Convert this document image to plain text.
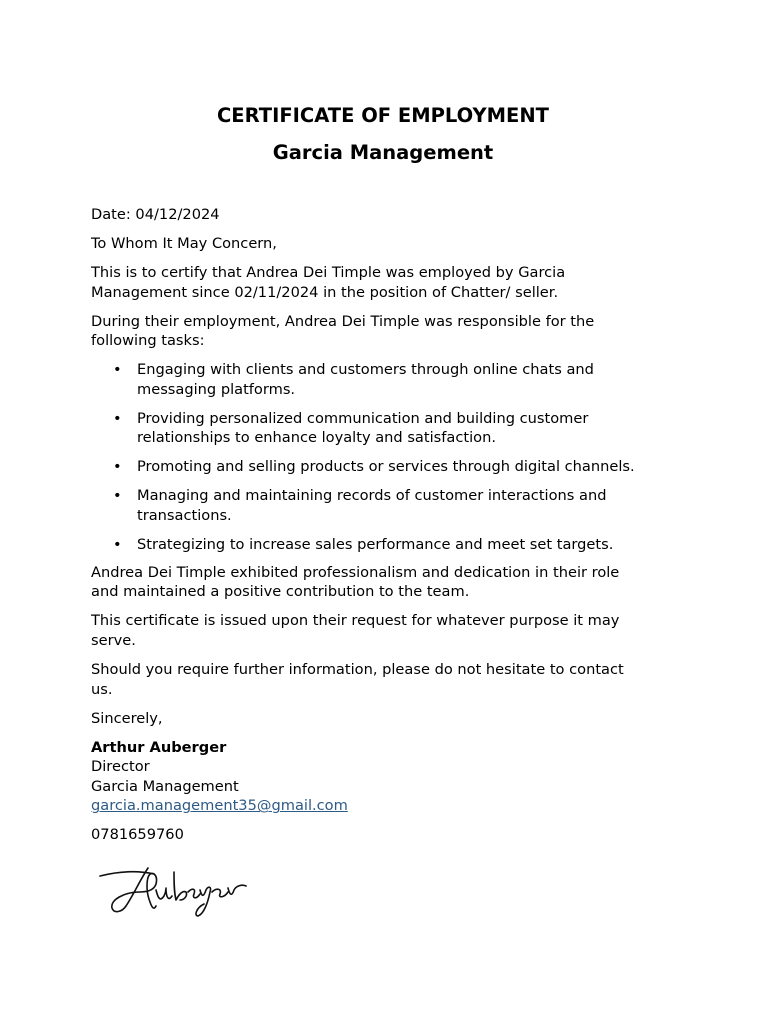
CERTIFICATE OF EMPLOYMENT
Garcia Management

Date: 04/12/2024

To Whom It May Concern,

This is to certify that Andrea Dei Timple was employed by Garcia
Management since 02/11/2024 in the position of Chatter/ seller.

During their employment, Andrea Dei Timple was responsible for the
following tasks:

• Engaging with clients and customers through online chats and
messaging platforms.
• Providing personalized communication and building customer
relationships to enhance loyalty and satisfaction.
• Promoting and selling products or services through digital channels.
• Managing and maintaining records of customer interactions and
transactions.
• Strategizing to increase sales performance and meet set targets.

Andrea Dei Timple exhibited professionalism and dedication in their role
and maintained a positive contribution to the team.

This certificate is issued upon their request for whatever purpose it may
serve.

Should you require further information, please do not hesitate to contact
us.

Sincerely,

Arthur Auberger
Director
Garcia Management
garcia.management35@gmail.com

0781659760
